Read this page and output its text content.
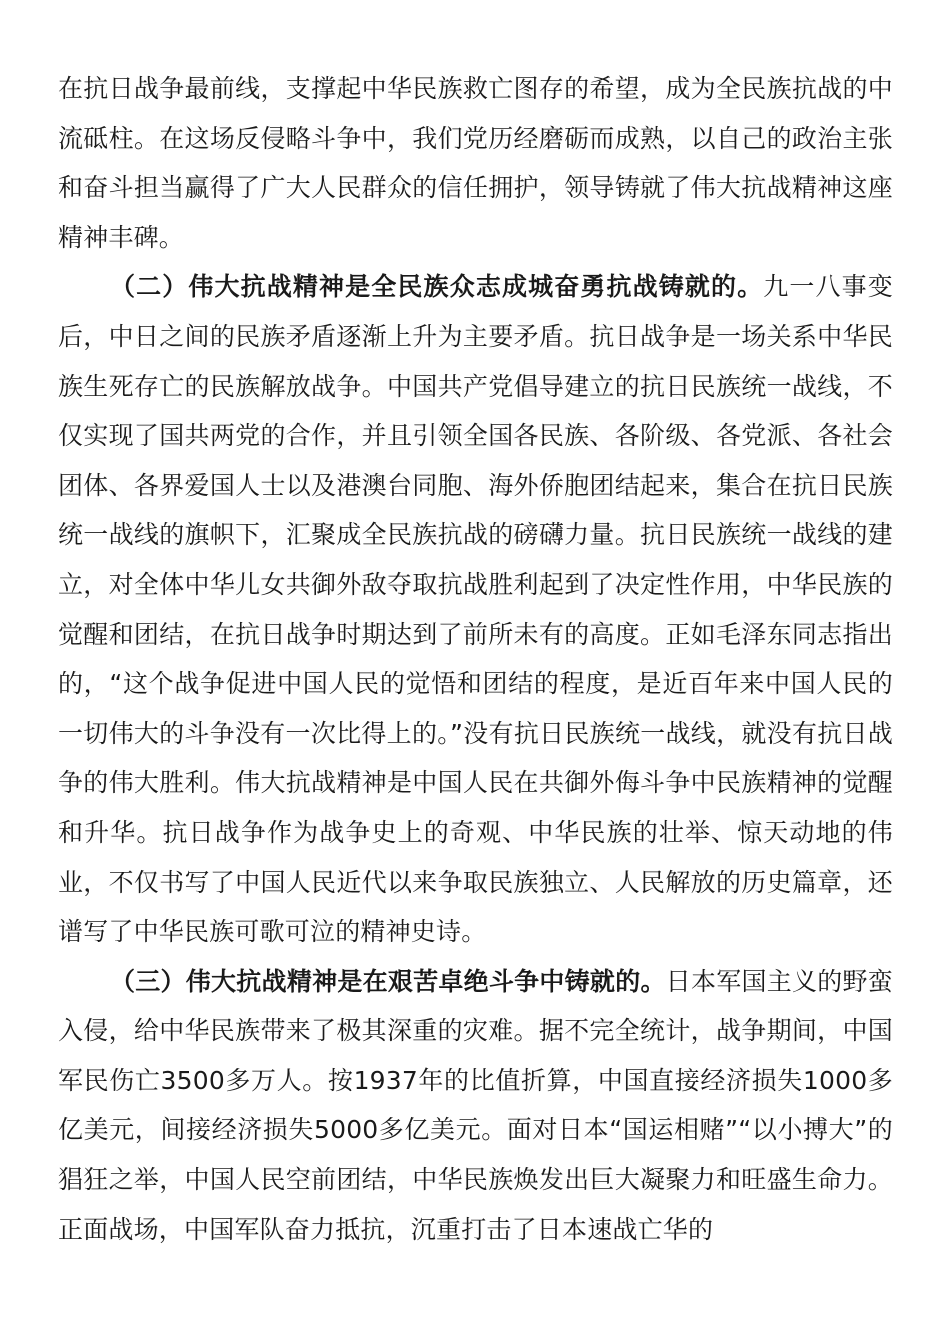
在抗日战争最前线，支撑起中华民族救亡图存的希望，成为全民族抗战的中流砥柱。在这场反侵略斗争中，我们党历经磨砺而成熟，以自己的政治主张和奋斗担当赢得了广大人民群众的信任拥护，领导铸就了伟大抗战精神这座精神丰碑。

（二）伟大抗战精神是全民族众志成城奋勇抗战铸就的。九一八事变后，中日之间的民族矛盾逐渐上升为主要矛盾。抗日战争是一场关系中华民族生死存亡的民族解放战争。中国共产党倡导建立的抗日民族统一战线，不仅实现了国共两党的合作，并且引领全国各民族、各阶级、各党派、各社会团体、各界爱国人士以及港澳台同胞、海外侨胞团结起来，集合在抗日民族统一战线的旗帜下，汇聚成全民族抗战的磅礴力量。抗日民族统一战线的建立，对全体中华儿女共御外敌夺取抗战胜利起到了决定性作用，中华民族的觉醒和团结，在抗日战争时期达到了前所未有的高度。正如毛泽东同志指出的，“这个战争促进中国人民的觉悟和团结的程度，是近百年来中国人民的一切伟大的斗争没有一次比得上的。”没有抗日民族统一战线，就没有抗日战争的伟大胜利。伟大抗战精神是中国人民在共御外侮斗争中民族精神的觉醒和升华。抗日战争作为战争史上的奇观、中华民族的壮举、惊天动地的伟业，不仅书写了中国人民近代以来争取民族独立、人民解放的历史篇章，还谱写了中华民族可歌可泣的精神史诗。

（三）伟大抗战精神是在艰苦卓绝斗争中铸就的。日本军国主义的野蛮入侵，给中华民族带来了极其深重的灾难。据不完全统计，战争期间，中国军民伤亡3500多万人。按1937年的比值折算，中国直接经济损失1000多亿美元，间接经济损失5000多亿美元。面对日本“国运相赌”“以小搏大”的猖狂之举，中国人民空前团结，中华民族焕发出巨大凝聚力和旺盛生命力。正面战场，中国军队奋力抵抗，沉重打击了日本速战亡华的
